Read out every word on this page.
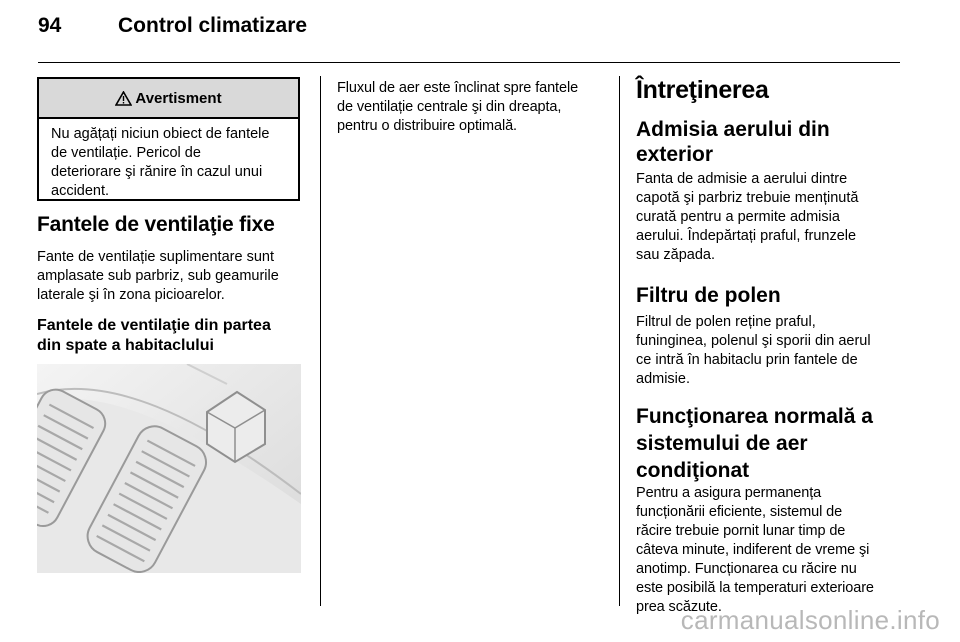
94	Control climatizare
Avertisment
Nu agățați niciun obiect de fantele
de ventilație. Pericol de
deteriorare şi rănire în cazul unui
accident.
Fantele de ventilaţie fixe
Fante de ventilație suplimentare sunt
amplasate sub parbriz, sub geamurile
laterale şi în zona picioarelor.
Fantele de ventilaţie din partea
din spate a habitaclului
Fluxul de aer este înclinat spre fantele
de ventilație centrale şi din dreapta,
pentru o distribuire optimală.
Întreţinerea
Admisia aerului din
exterior
Fanta de admisie a aerului dintre
capotă şi parbriz trebuie menținută
curată pentru a permite admisia
aerului. Îndepărtați praful, frunzele
sau zăpada.
Filtru de polen
Filtrul de polen reține praful,
funinginea, polenul şi sporii din aerul
ce intră în habitaclu prin fantele de
admisie.
Funcţionarea normală a
sistemului de aer
condiţionat
Pentru a asigura permanența
funcționării eficiente, sistemul de
răcire trebuie pornit lunar timp de
câteva minute, indiferent de vreme şi
anotimp. Funcționarea cu răcire nu
este posibilă la temperaturi exterioare
prea scăzute.
carmanualsonline.info
